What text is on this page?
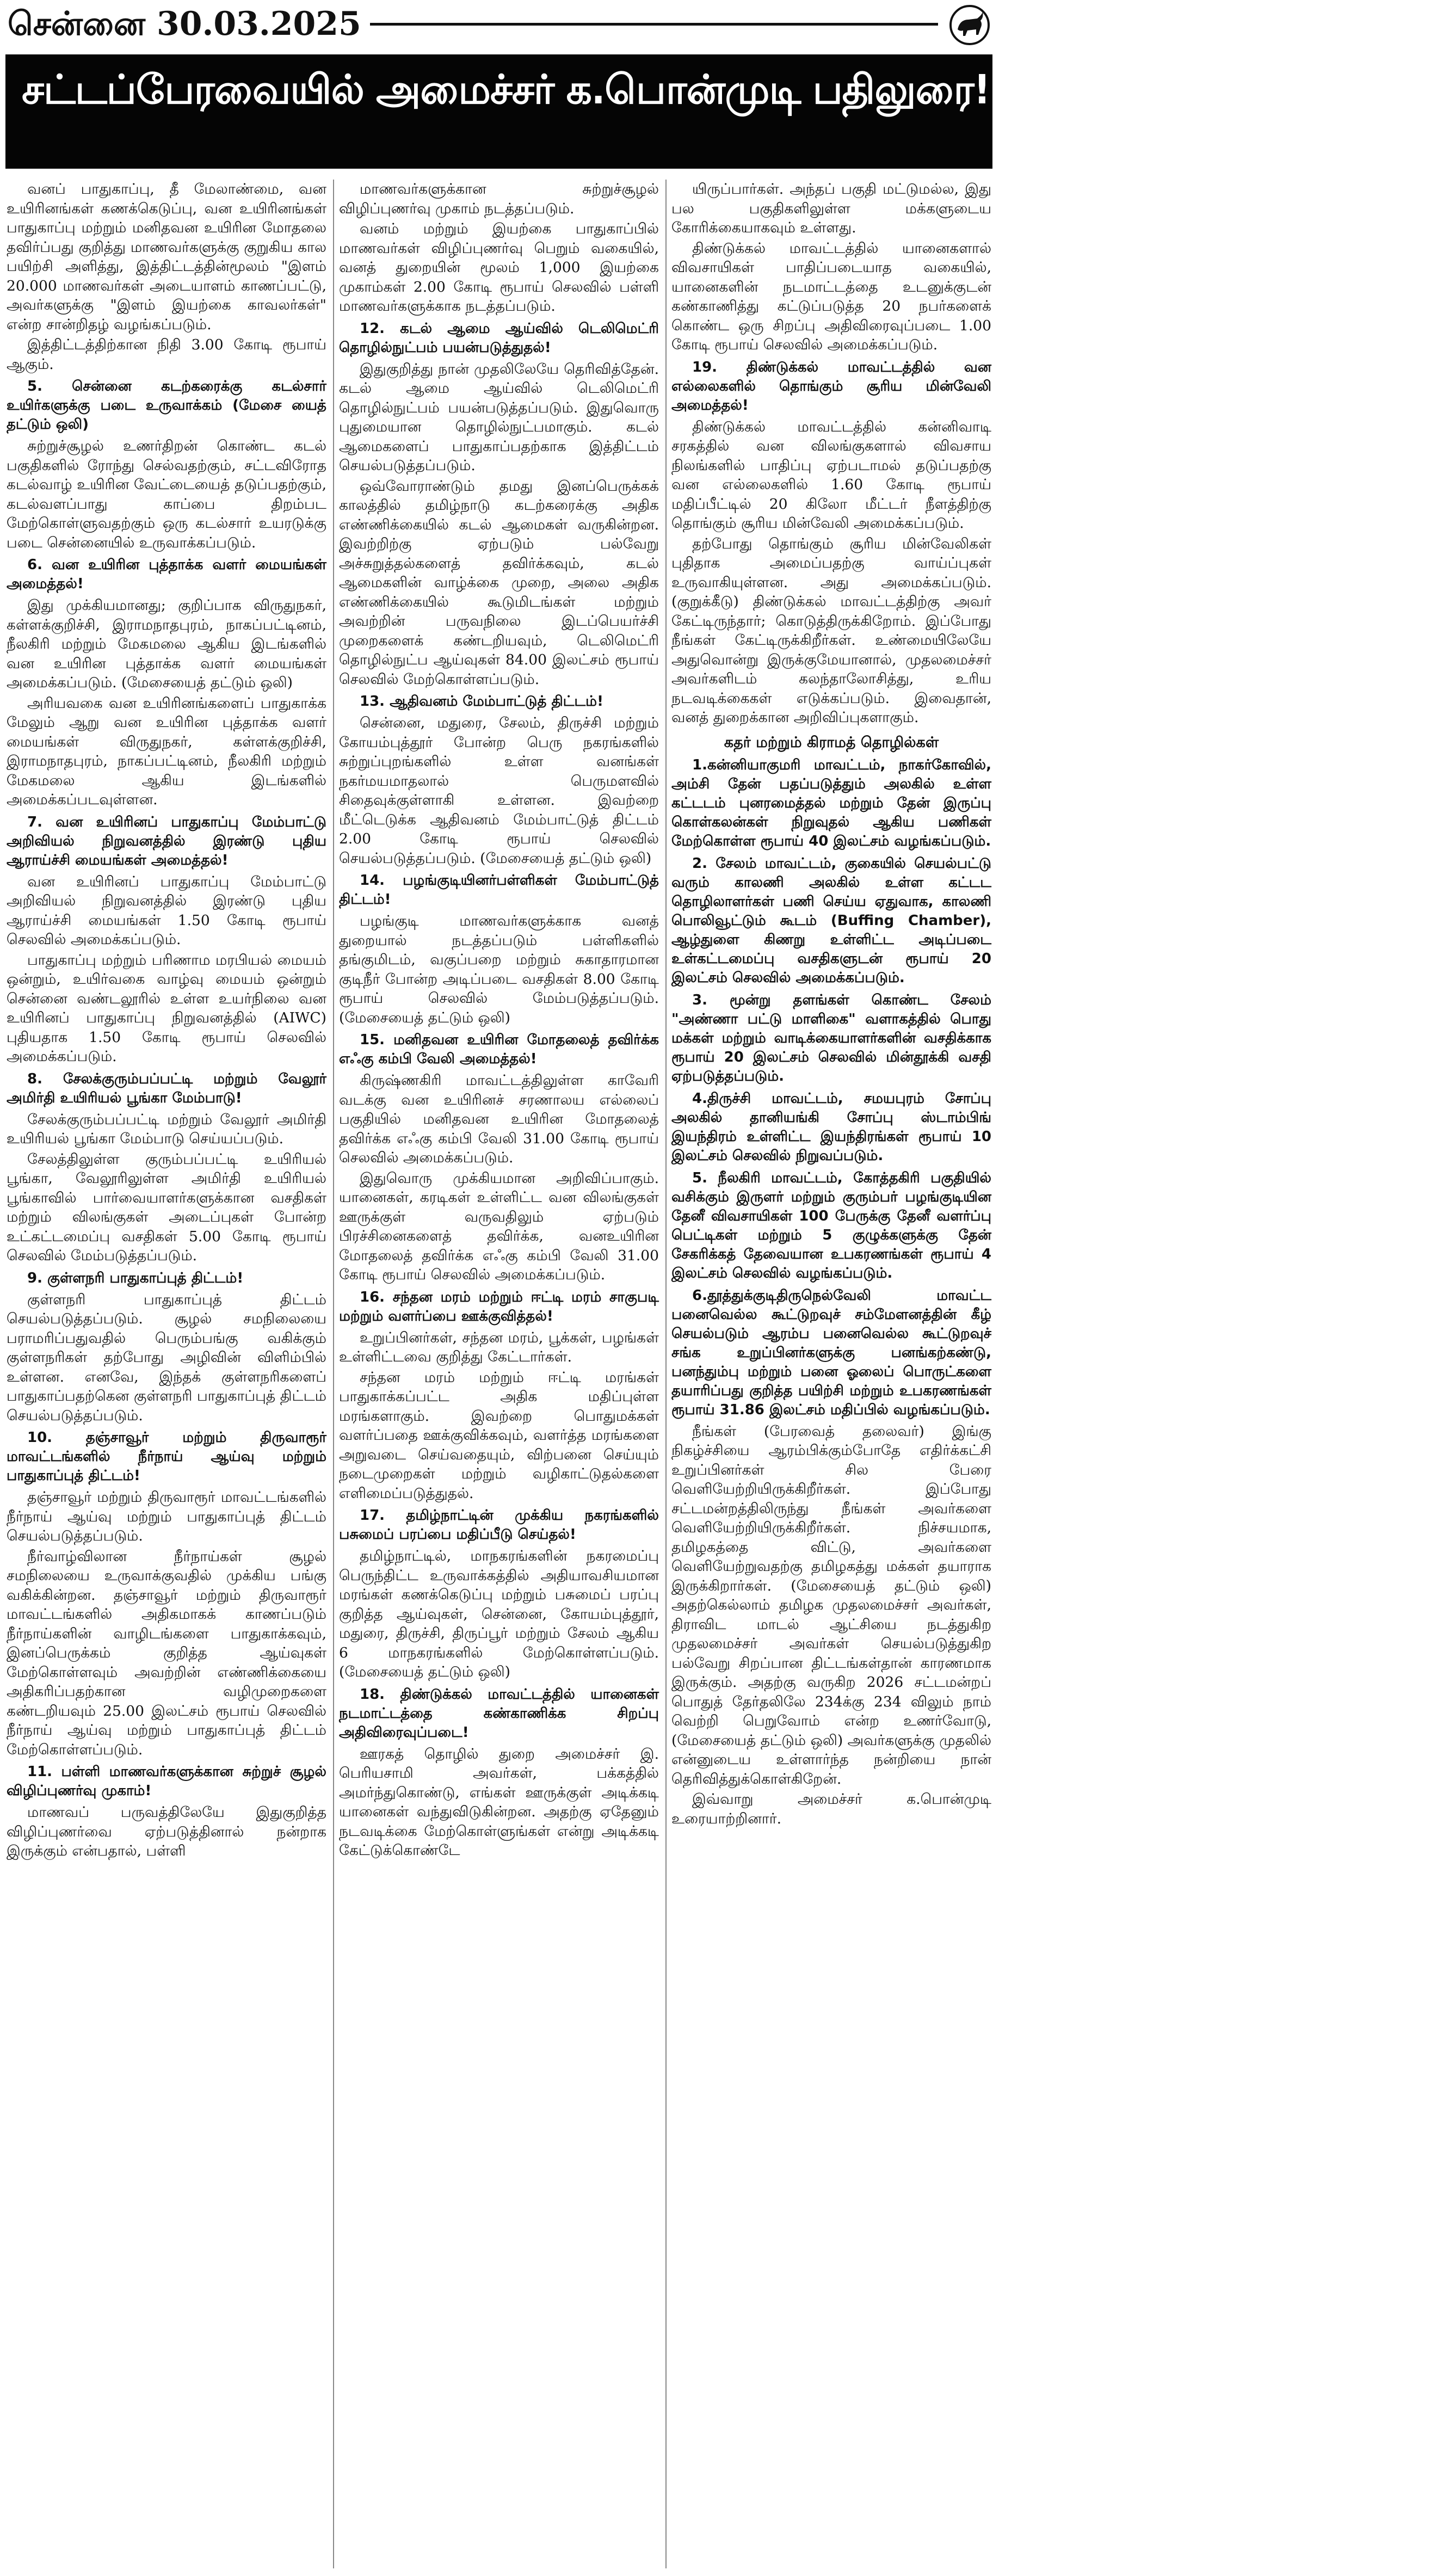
சென்னை 30.03.2025
சட்டப்பேரவையில் அமைச்சர் க.பொன்முடி பதிலுரை!...12ஆம் பக்கத் தொடர்ச்சி

வனப் பாதுகாப்பு, தீ மேலாண்மை, வன உயிரினங்கள் கணக்கெடுப்பு, வன உயிரினங்கள் பாதுகாப்பு மற்றும் மனிதவன உயிரின மோதலை தவிர்ப்பது குறித்து மாணவர்களுக்கு குறுகிய கால பயிற்சி அளித்து, இத்திட்டத்தின்மூலம் "இளம் 20.000 மாணவர்கள் அடையாளம் காணப்பட்டு, அவர்களுக்கு "இளம் இயற்கை காவலர்கள்" என்ற சான்றிதழ் வழங்கப்படும்.

இத்திட்டத்திற்கான நிதி 3.00 கோடி ரூபாய் ஆகும்.

5. சென்னை கடற்கரைக்கு கடல்சார் உயிர்களுக்கு படை உருவாக்கம் (மேசை யைத் தட்டும் ஒலி)

சுற்றுச்சூழல் உணர்திறன் கொண்ட கடல் பகுதிகளில் ரோந்து செல்வதற்கும், சட்டவிரோத கடல்வாழ் உயிரின வேட்டையைத் தடுப்பதற்கும், கடல்வளப்பாது காப்பை திறம்பட மேற்கொள்ளுவதற்கும் ஒரு கடல்சார் உயரடுக்கு படை சென்னையில் உருவாக்கப்படும்.

6. வன உயிரின புத்தாக்க வளர் மையங்கள் அமைத்தல்!

இது முக்கியமானது; குறிப்பாக விருதுநகர், கள்ளக்குறிச்சி, இராமநாதபுரம், நாகப்பட்டினம், நீலகிரி மற்றும் மேகமலை ஆகிய இடங்களில் வன உயிரின புத்தாக்க வளர் மையங்கள் அமைக்கப்படும். (மேசையைத் தட்டும் ஒலி)

அரியவகை வன உயிரினங்களைப் பாதுகாக்க மேலும் ஆறு வன உயிரின புத்தாக்க வளர் மையங்கள் விருதுநகர், கள்ளக்குறிச்சி, இராமநாதபுரம், நாகப்பட்டினம், நீலகிரி மற்றும் மேகமலை ஆகிய இடங்களில் அமைக்கப்படவுள்ளன.

7. வன உயிரினப் பாதுகாப்பு மேம்பாட்டு அறிவியல் நிறுவனத்தில் இரண்டு புதிய ஆராய்ச்சி மையங்கள் அமைத்தல்!

வன உயிரினப் பாதுகாப்பு மேம்பாட்டு அறிவியல் நிறுவனத்தில் இரண்டு புதிய ஆராய்ச்சி மையங்கள் 1.50 கோடி ரூபாய் செலவில் அமைக்கப்படும்.

பாதுகாப்பு மற்றும் பரிணாம மரபியல் மையம் ஒன்றும், உயிர்வகை வாழ்வு மையம் ஒன்றும் சென்னை வண்டலூரில் உள்ள உயர்நிலை வன உயிரினப் பாதுகாப்பு நிறுவனத்தில் (AIWC) புதியதாக 1.50 கோடி ரூபாய் செலவில் அமைக்கப்படும்.

8. சேலக்குரும்பப்பட்டி மற்றும் வேலூர் அமிர்தி உயிரியல் பூங்கா மேம்பாடு!

சேலக்குரும்பப்பட்டி மற்றும் வேலூர் அமிர்தி உயிரியல் பூங்கா மேம்பாடு செய்யப்படும்.

சேலத்திலுள்ள குரும்பப்பட்டி உயிரியல் பூங்கா, வேலூரிலுள்ள அமிர்தி உயிரியல் பூங்காவில் பார்வையாளர்களுக்கான வசதிகள் மற்றும் விலங்குகள் அடைப்புகள் போன்ற உட்கட்டமைப்பு வசதிகள் 5.00 கோடி ரூபாய் செலவில் மேம்படுத்தப்படும்.

9. குள்ளநரி பாதுகாப்புத் திட்டம்!

குள்ளநரி பாதுகாப்புத் திட்டம் செயல்படுத்தப்படும். சூழல் சமநிலையை பராமரிப்பதுவதில் பெரும்பங்கு வகிக்கும் குள்ளநரிகள் தற்போது அழிவின் விளிம்பில் உள்ளன. எனவே, இந்தக் குள்ளநரிகளைப் பாதுகாப்பதற்கென குள்ளநரி பாதுகாப்புத் திட்டம் செயல்படுத்தப்படும்.

10. தஞ்சாவூர் மற்றும் திருவாரூர் மாவட்டங்களில் நீர்நாய் ஆய்வு மற்றும் பாதுகாப்புத் திட்டம்!

தஞ்சாவூர் மற்றும் திருவாரூர் மாவட்டங்களில் நீர்நாய் ஆய்வு மற்றும் பாதுகாப்புத் திட்டம் செயல்படுத்தப்படும்.

நீர்வாழ்விலான நீர்நாய்கள் சூழல் சமநிலையை உருவாக்குவதில் முக்கிய பங்கு வகிக்கின்றன. தஞ்சாவூர் மற்றும் திருவாரூர் மாவட்டங்களில் அதிகமாகக் காணப்படும் நீர்நாய்களின் வாழிடங்களை பாதுகாக்கவும், இனப்பெருக்கம் குறித்த ஆய்வுகள் மேற்கொள்ளவும் அவற்றின் எண்ணிக்கையை அதிகரிப்பதற்கான வழிமுறைகளை கண்டறியவும் 25.00 இலட்சம் ரூபாய் செலவில் நீர்நாய் ஆய்வு மற்றும் பாதுகாப்புத் திட்டம் மேற்கொள்ளப்படும்.

11. பள்ளி மாணவர்களுக்கான சுற்றுச் சூழல் விழிப்புணர்வு முகாம்!

மாணவப் பருவத்திலேயே இதுகுறித்த விழிப்புணர்வை ஏற்படுத்தினால் நன்றாக இருக்கும் என்பதால், பள்ளி

மாணவர்களுக்கான சுற்றுச்சூழல் விழிப்புணர்வு முகாம் நடத்தப்படும்.

வனம் மற்றும் இயற்கை பாதுகாப்பில் மாணவர்கள் விழிப்புணர்வு பெறும் வகையில், வனத் துறையின் மூலம் 1,000 இயற்கை முகாம்கள் 2.00 கோடி ரூபாய் செலவில் பள்ளி மாணவர்களுக்காக நடத்தப்படும்.

12. கடல் ஆமை ஆய்வில் டெலிமெட்ரி தொழில்நுட்பம் பயன்படுத்துதல்!

இதுகுறித்து நான் முதலிலேயே தெரிவித்தேன். கடல் ஆமை ஆய்வில் டெலிமெட்ரி தொழில்நுட்பம் பயன்படுத்தப்படும். இதுவொரு புதுமையான தொழில்நுட்பமாகும். கடல் ஆமைகளைப் பாதுகாப்பதற்காக இத்திட்டம் செயல்படுத்தப்படும்.

ஒவ்வோராண்டும் தமது இனப்பெருக்கக் காலத்தில் தமிழ்நாடு கடற்கரைக்கு அதிக எண்ணிக்கையில் கடல் ஆமைகள் வருகின்றன. இவற்றிற்கு ஏற்படும் பல்வேறு அச்சுறுத்தல்களைத் தவிர்க்கவும், கடல் ஆமைகளின் வாழ்க்கை முறை, அலை அதிக எண்ணிக்கையில் கூடுமிடங்கள் மற்றும் அவற்றின் பருவநிலை இடப்பெயர்ச்சி முறைகளைக் கண்டறியவும், டெலிமெட்ரி தொழில்நுட்ப ஆய்வுகள் 84.00 இலட்சம் ரூபாய் செலவில் மேற்கொள்ளப்படும்.

13. ஆதிவனம் மேம்பாட்டுத் திட்டம்!

சென்னை, மதுரை, சேலம், திருச்சி மற்றும் கோயம்புத்தூர் போன்ற பெரு நகரங்களில் சுற்றுப்புறங்களில் உள்ள வனங்கள் நகர்மயமாதலால் பெருமளவில் சிதைவுக்குள்ளாகி உள்ளன. இவற்றை மீட்டெடுக்க ஆதிவனம் மேம்பாட்டுத் திட்டம் 2.00 கோடி ரூபாய் செலவில் செயல்படுத்தப்படும். (மேசையைத் தட்டும் ஒலி)

14. பழங்குடியினர்பள்ளிகள் மேம்பாட்டுத் திட்டம்!

பழங்குடி மாணவர்களுக்காக வனத் துறையால் நடத்தப்படும் பள்ளிகளில் தங்குமிடம், வகுப்பறை மற்றும் சுகாதாரமான குடிநீர் போன்ற அடிப்படை வசதிகள் 8.00 கோடி ரூபாய் செலவில் மேம்படுத்தப்படும். (மேசையைத் தட்டும் ஒலி)

15. மனிதவன உயிரின மோதலைத் தவிர்க்க எஃகு கம்பி வேலி அமைத்தல்!

கிருஷ்ணகிரி மாவட்டத்திலுள்ள காவேரி வடக்கு வன உயிரினச் சரணாலய எல்லைப் பகுதியில் மனிதவன உயிரின மோதலைத் தவிர்க்க எஃகு கம்பி வேலி 31.00 கோடி ரூபாய் செலவில் அமைக்கப்படும்.

இதுவொரு முக்கியமான அறிவிப்பாகும். யானைகள், கரடிகள் உள்ளிட்ட வன விலங்குகள் ஊருக்குள் வருவதிலும் ஏற்படும் பிரச்சினைகளைத் தவிர்க்க, வனஉயிரின மோதலைத் தவிர்க்க எஃகு கம்பி வேலி 31.00 கோடி ரூபாய் செலவில் அமைக்கப்படும்.

16. சந்தன மரம் மற்றும் ஈட்டி மரம் சாகுபடி மற்றும் வளர்ப்பை ஊக்குவித்தல்!

உறுப்பினர்கள், சந்தன மரம், பூக்கள், பழங்கள் உள்ளிட்டவை குறித்து கேட்டார்கள்.

சந்தன மரம் மற்றும் ஈட்டி மரங்கள் பாதுகாக்கப்பட்ட அதிக மதிப்புள்ள மரங்களாகும். இவற்றை பொதுமக்கள் வளர்ப்பதை ஊக்குவிக்கவும், வளர்த்த மரங்களை அறுவடை செய்வதையும், விற்பனை செய்யும் நடைமுறைகள் மற்றும் வழிகாட்டுதல்களை எளிமைப்படுத்துதல்.

17. தமிழ்நாட்டின் முக்கிய நகரங்களில் பசுமைப் பரப்பை மதிப்பீடு செய்தல்!

தமிழ்நாட்டில், மாநகரங்களின் நகரமைப்பு பெருந்திட்ட உருவாக்கத்தில் அதியாவசியமான மரங்கள் கணக்கெடுப்பு மற்றும் பசுமைப் பரப்பு குறித்த ஆய்வுகள், சென்னை, கோயம்புத்தூர், மதுரை, திருச்சி, திருப்பூர் மற்றும் சேலம் ஆகிய 6 மாநகரங்களில் மேற்கொள்ளப்படும். (மேசையைத் தட்டும் ஒலி)

18. திண்டுக்கல் மாவட்டத்தில் யானைகள் நடமாட்டத்தை கண்காணிக்க சிறப்பு அதிவிரைவுப்படை!

ஊரகத் தொழில் துறை அமைச்சர் இ. பெரியசாமி அவர்கள், பக்கத்தில் அமர்ந்துகொண்டு, எங்கள் ஊருக்குள் அடிக்கடி யானைகள் வந்துவிடுகின்றன. அதற்கு ஏதேனும் நடவடிக்கை மேற்கொள்ளுங்கள் என்று அடிக்கடி கேட்டுக்கொண்டே

யிருப்பார்கள். அந்தப் பகுதி மட்டுமல்ல, இது பல பகுதிகளிலுள்ள மக்களுடைய கோரிக்கையாகவும் உள்ளது.

திண்டுக்கல் மாவட்டத்தில் யானைகளால் விவசாயிகள் பாதிப்படையாத வகையில், யானைகளின் நடமாட்டத்தை உடனுக்குடன் கண்காணித்து கட்டுப்படுத்த 20 நபர்களைக் கொண்ட ஒரு சிறப்பு அதிவிரைவுப்படை 1.00 கோடி ரூபாய் செலவில் அமைக்கப்படும்.

19. திண்டுக்கல் மாவட்டத்தில் வன எல்லைகளில் தொங்கும் சூரிய மின்வேலி அமைத்தல்!

திண்டுக்கல் மாவட்டத்தில் கன்னிவாடி சரகத்தில் வன விலங்குகளால் விவசாய நிலங்களில் பாதிப்பு ஏற்படாமல் தடுப்பதற்கு வன எல்லைகளில் 1.60 கோடி ரூபாய் மதிப்பீட்டில் 20 கிலோ மீட்டர் நீளத்திற்கு தொங்கும் சூரிய மின்வேலி அமைக்கப்படும்.

தற்போது தொங்கும் சூரிய மின்வேலிகள் புதிதாக அமைப்பதற்கு வாய்ப்புகள் உருவாகியுள்ளன. அது அமைக்கப்படும். (குறுக்கீடு) திண்டுக்கல் மாவட்டத்திற்கு அவர் கேட்டிருந்தார்; கொடுத்திருக்கிறோம். இப்போது நீங்கள் கேட்டிருக்கிறீர்கள். உண்மையிலேயே அதுவொன்று இருக்குமேயானால், முதலமைச்சர் அவர்களிடம் கலந்தாலோசித்து, உரிய நடவடிக்கைகள் எடுக்கப்படும். இவைதான், வனத் துறைக்கான அறிவிப்புகளாகும்.

கதர் மற்றும் கிராமத் தொழில்கள்
1.கன்னியாகுமரி மாவட்டம், நாகர்கோவில், அம்சி தேன் பதப்படுத்தும் அலகில் உள்ள கட்டடம் புனரமைத்தல் மற்றும் தேன் இருப்பு கொள்கலன்கள் நிறுவுதல் ஆகிய பணிகள் மேற்கொள்ள ரூபாய் 40 இலட்சம் வழங்கப்படும்.
2. சேலம் மாவட்டம், குகையில் செயல்பட்டு வரும் காலணி அலகில் உள்ள கட்டட தொழிலாளர்கள் பணி செய்ய ஏதுவாக, காலணி பொலிவூட்டும் கூடம் (Buffing Chamber), ஆழ்துளை கிணறு உள்ளிட்ட அடிப்படை உள்கட்டமைப்பு வசதிகளுடன் ரூபாய் 20 இலட்சம் செலவில் அமைக்கப்படும்.
3. மூன்று தளங்கள் கொண்ட சேலம் "அண்ணா பட்டு மாளிகை" வளாகத்தில் பொது மக்கள் மற்றும் வாடிக்கையாளர்களின் வசதிக்காக ரூபாய் 20 இலட்சம் செலவில் மின்தூக்கி வசதி ஏற்படுத்தப்படும்.
4.திருச்சி மாவட்டம், சமயபுரம் சோப்பு அலகில் தானியங்கி சோப்பு ஸ்டாம்பிங் இயந்திரம் உள்ளிட்ட இயந்திரங்கள் ரூபாய் 10 இலட்சம் செலவில் நிறுவப்படும்.
5. நீலகிரி மாவட்டம், கோத்தகிரி பகுதியில் வசிக்கும் இருளர் மற்றும் குரும்பர் பழங்குடியின தேனீ விவசாயிகள் 100 பேருக்கு தேனீ வளர்ப்பு பெட்டிகள் மற்றும் 5 குழுக்களுக்கு தேன் சேகரிக்கத் தேவையான உபகரணங்கள் ரூபாய் 4 இலட்சம் செலவில் வழங்கப்படும்.
6.தூத்துக்குடிதிருநெல்வேலி மாவட்ட பனைவெல்ல கூட்டுறவுச் சம்மேளனத்தின் கீழ் செயல்படும் ஆரம்ப பனைவெல்ல கூட்டுறவுச் சங்க உறுப்பினர்களுக்கு பனங்கற்கண்டு, பனந்தும்பு மற்றும் பனை ஓலைப் பொருட்களை தயாரிப்பது குறித்த பயிற்சி மற்றும் உபகரணங்கள் ரூபாய் 31.86 இலட்சம் மதிப்பில் வழங்கப்படும்.

நீங்கள் (பேரவைத் தலைவர்) இங்கு நிகழ்ச்சியை ஆரம்பிக்கும்போதே எதிர்க்கட்சி உறுப்பினர்கள் சில பேரை வெளியேற்றியிருக்கிறீர்கள். இப்போது சட்டமன்றத்திலிருந்து நீங்கள் அவர்களை வெளியேற்றியிருக்கிறீர்கள். நிச்சயமாக, தமிழகத்தை விட்டு, அவர்களை வெளியேற்றுவதற்கு தமிழகத்து மக்கள் தயாராக இருக்கிறார்கள். (மேசையைத் தட்டும் ஒலி) அதற்கெல்லாம் தமிழக முதலமைச்சர் அவர்கள், திராவிட மாடல் ஆட்சியை நடத்துகிற முதலமைச்சர் அவர்கள் செயல்படுத்துகிற பல்வேறு சிறப்பான திட்டங்கள்தான் காரணமாக இருக்கும். அதற்கு வருகிற 2026 சட்டமன்றப் பொதுத் தேர்தலிலே 234க்கு 234 விலும் நாம் வெற்றி பெறுவோம் என்ற உணர்வோடு, (மேசையைத் தட்டும் ஒலி) அவர்களுக்கு முதலில் என்னுடைய உள்ளார்ந்த நன்றியை நான் தெரிவித்துக்கொள்கிறேன்.

இவ்வாறு அமைச்சர் க.பொன்முடி உரையாற்றினார்.
